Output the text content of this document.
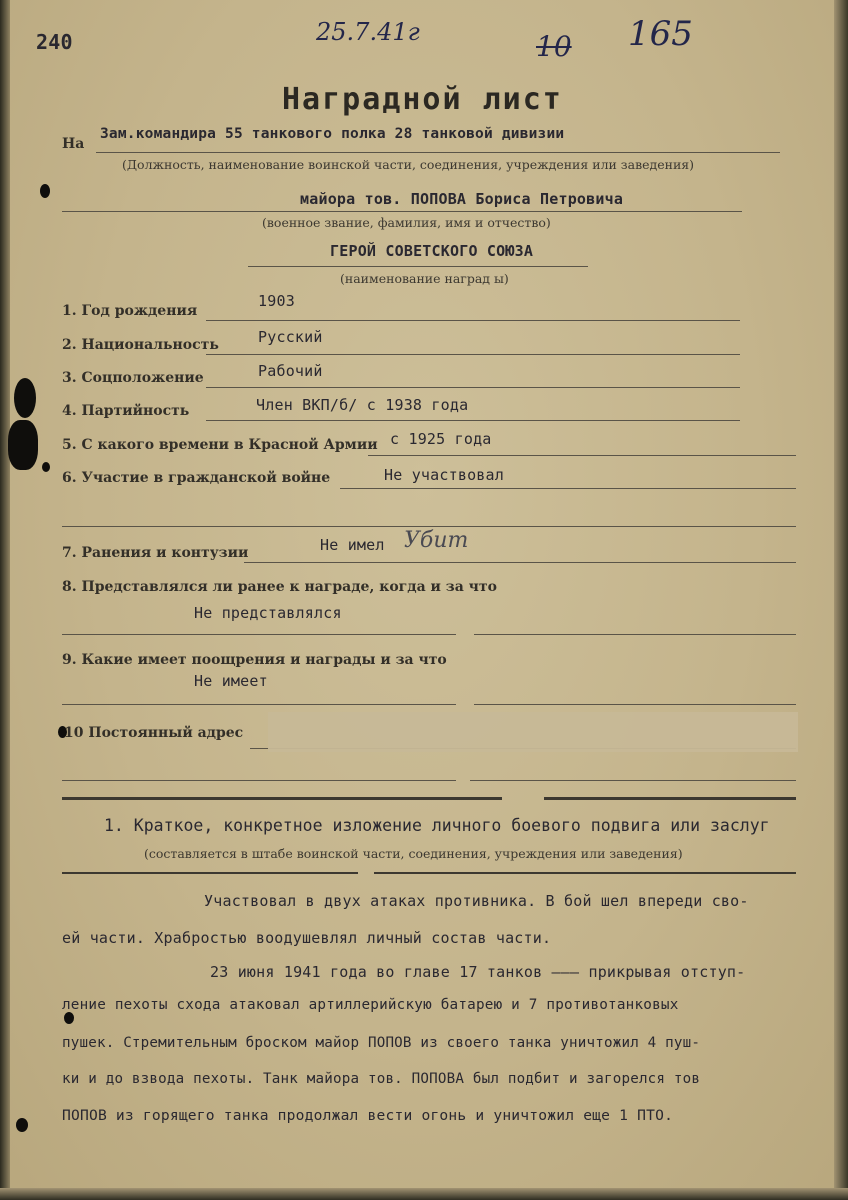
240	25.7.41г	10 165
Наградной лист
На
Зам.командира 55 танкового полка 28 танковой дивизии
(Должность, наименование воинской части, соединения, учреждения или заведения)
майора тов. ПОПОВА Бориса Петровича
(военное звание, фамилия, имя и отчество)
ГЕРОЙ СОВЕТСКОГО СОЮЗА
(наименование наград ы)
1. Год рождения
1903
2. Национальность	Русский
3. Соцположение	Рабочий
4. Партийность	Член ВКП/б/ с 1938 года
5. С какого времени в Красной Армии с 1925 года
6. Участие в гражданской войне	Не участвовал
7. Ранения и контузии	Не имел Убит
8. Представлялся ли ранее к награде, когда и за что
Не представлялся
9. Какие имеет поощрения и награды и за что
Не имеет
10 Постоянный адрес
1. Краткое, конкретное изложение личного боевого подвига или заслуг
(составляется в штабе воинской части, соединения, учреждения или заведения)
Участвовал в двух атаках противника. В бой шел впереди сво-
ей части. Храбростью воодушевлял личный состав части.
23 июня 1941 года во главе 17 танков ——— прикрывая отступ-
ление пехоты схода атаковал артиллерийскую батарею и 7 противотанковых
пушек. Стремительным броском майор ПОПОВ из своего танка уничтожил 4 пуш-
ки и до взвода пехоты. Танк майора тов. ПОПОВА был подбит и загорелся тов
ПОПОВ из горящего танка продолжал вести огонь и уничтожил еще 1 ПТО.
